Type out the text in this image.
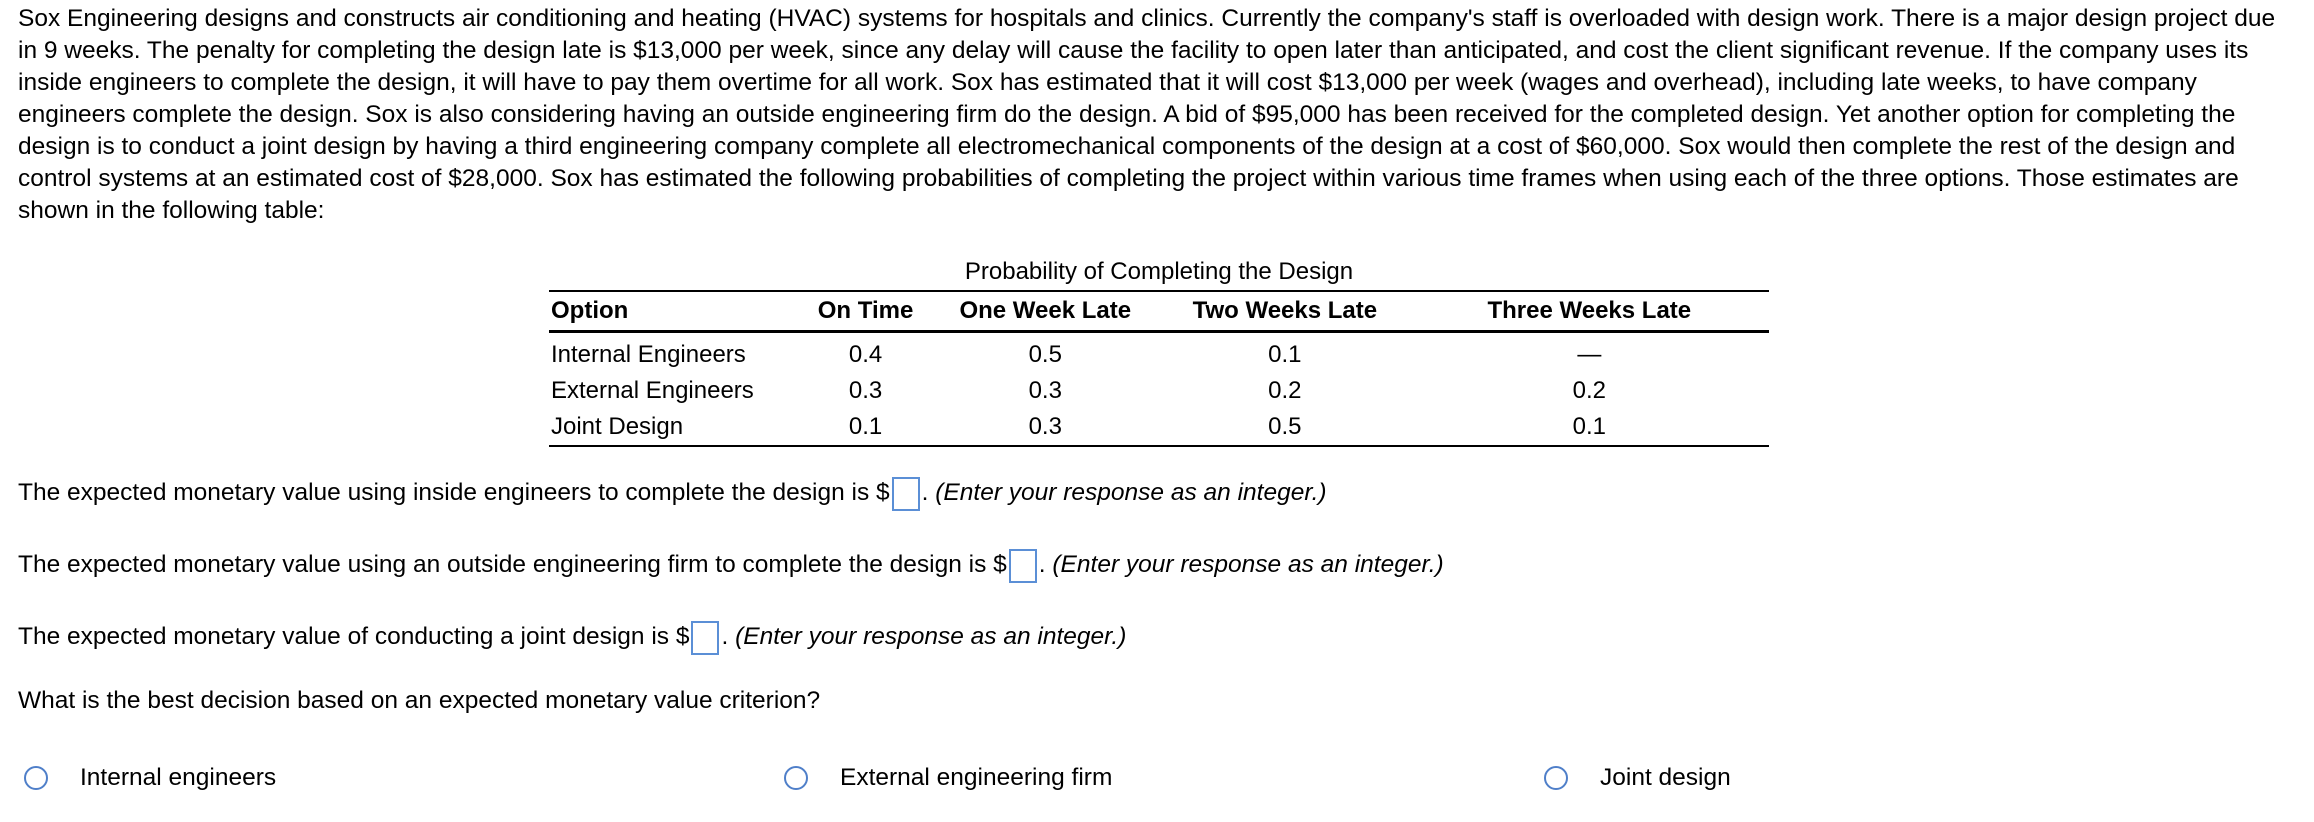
Sox Engineering designs and constructs air conditioning and heating (HVAC) systems for hospitals and clinics. Currently the company's staff is overloaded with design work. There is a major design project due in 9 weeks. The penalty for completing the design late is $13,000 per week, since any delay will cause the facility to open later than anticipated, and cost the client significant revenue. If the company uses its inside engineers to complete the design, it will have to pay them overtime for all work. Sox has estimated that it will cost $13,000 per week (wages and overhead), including late weeks, to have company engineers complete the design. Sox is also considering having an outside engineering firm do the design. A bid of $95,000 has been received for the completed design. Yet another option for completing the design is to conduct a joint design by having a third engineering company complete all electromechanical components of the design at a cost of $60,000. Sox would then complete the rest of the design and control systems at an estimated cost of $28,000. Sox has estimated the following probabilities of completing the project within various time frames when using each of the three options. Those estimates are shown in the following table:

Probability of Completing the Design
Option	On Time	One Week Late	Two Weeks Late	Three Weeks Late
Internal Engineers	0.4	0.5	0.1	—
External Engineers	0.3	0.3	0.2	0.2
Joint Design	0.1	0.3	0.5	0.1
The expected monetary value using inside engineers to complete the design is $ . (Enter your response as an integer.)
The expected monetary value using an outside engineering firm to complete the design is $ . (Enter your response as an integer.)
The expected monetary value of conducting a joint design is $ . (Enter your response as an integer.)
What is the best decision based on an expected monetary value criterion?
Internal engineers	External engineering firm	Joint design
